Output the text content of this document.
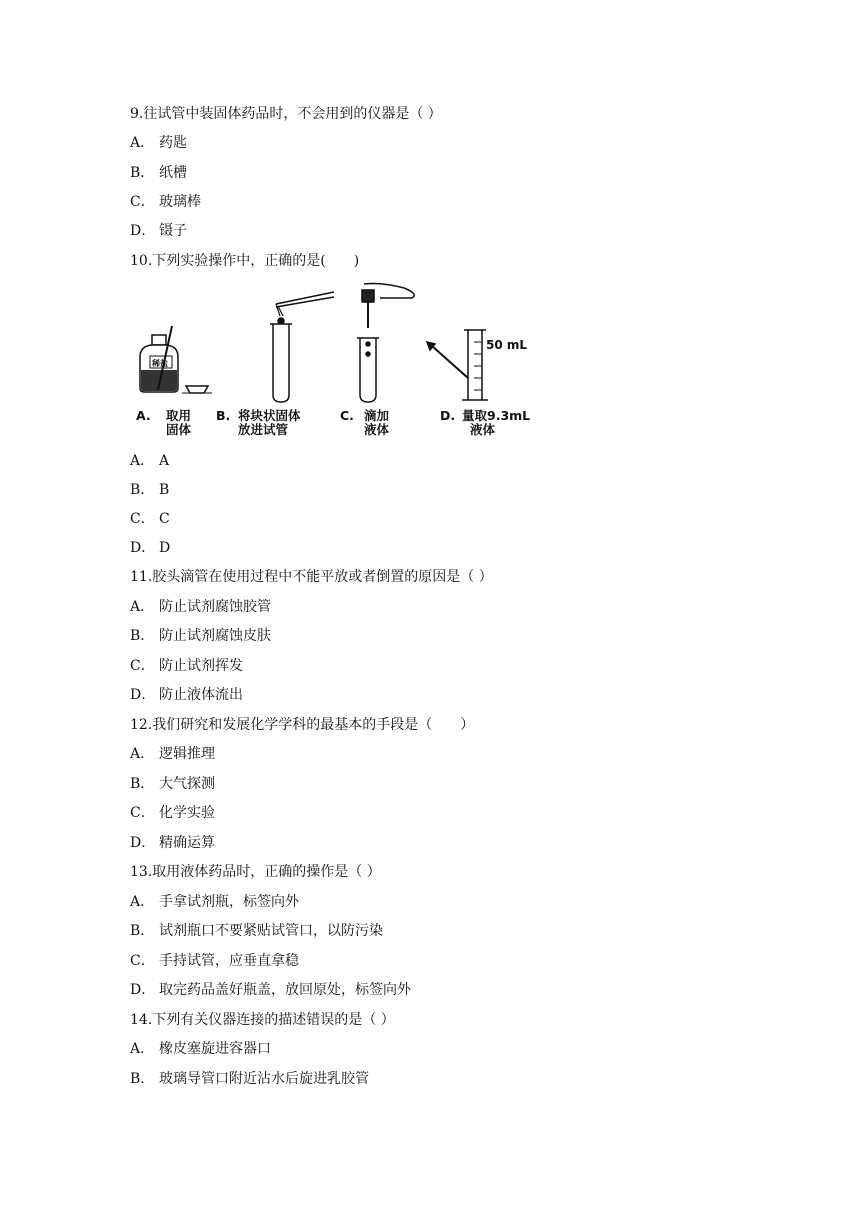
9.往试管中装固体药品时，不会用到的仪器是（ ）
A． 药匙
B． 纸槽
C． 玻璃棒
D． 镊子
10.下列实验操作中，正确的是(　　)
稀盐
50 mL
A. 取用
固体
B. 将块状固体
放进试管
C. 滴加
液体
D. 量取9.3mL
液体
A． A
B． B
C． C
D． D
11.胶头滴管在使用过程中不能平放或者倒置的原因是（ ）
A． 防止试剂腐蚀胶管
B． 防止试剂腐蚀皮肤
C． 防止试剂挥发
D． 防止液体流出
12.我们研究和发展化学学科的最基本的手段是（　　）
A． 逻辑推理
B． 大气探测
C． 化学实验
D． 精确运算
13.取用液体药品时，正确的操作是（ ）
A． 手拿试剂瓶，标签向外
B． 试剂瓶口不要紧贴试管口，以防污染
C． 手持试管，应垂直拿稳
D． 取完药品盖好瓶盖，放回原处，标签向外
14.下列有关仪器连接的描述错误的是（ ）
A． 橡皮塞旋进容器口
B． 玻璃导管口附近沾水后旋进乳胶管
